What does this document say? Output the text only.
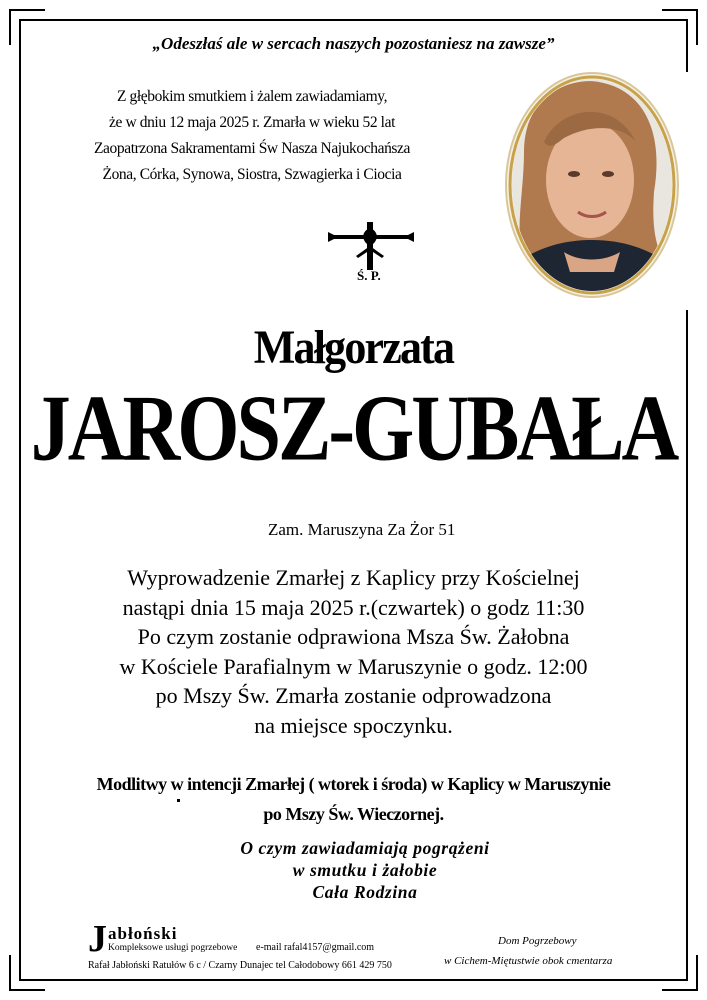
„Odeszłaś ale w sercach naszych pozostaniesz na zawsze”
Z głębokim smutkiem i żalem zawiadamiamy,
że w dniu 12 maja 2025 r. Zmarła w wieku 52 lat
Zaopatrzona Sakramentami Św Nasza Najukochańsza
Żona, Córka, Synowa, Siostra, Szwagierka i Ciocia
Ś. P.
Małgorzata
JAROSZ-GUBAŁA
Zam. Maruszyna Za Żor 51
Wyprowadzenie Zmarłej z Kaplicy przy Kościelnej
nastąpi dnia 15 maja 2025 r.(czwartek) o godz 11:30
Po czym zostanie odprawiona Msza Św. Żałobna
w Kościele Parafialnym w Maruszynie o godz. 12:00
po Mszy Św. Zmarła zostanie odprowadzona
na miejsce spoczynku.
Modlitwy w intencji Zmarłej ( wtorek i środa) w Kaplicy w Maruszynie
po Mszy Św. Wieczornej.
O czym zawiadamiają pogrążeni
w smutku i żałobie
Cała Rodzina
J abłoński
Kompleksowe usługi pogrzebowe e-mail rafal4157@gmail.com
Rafał Jabłoński Ratułów 6 c / Czarny Dunajec tel Całodobowy 661 429 750
Dom Pogrzebowy
w Cichem-Miętustwie obok cmentarza
